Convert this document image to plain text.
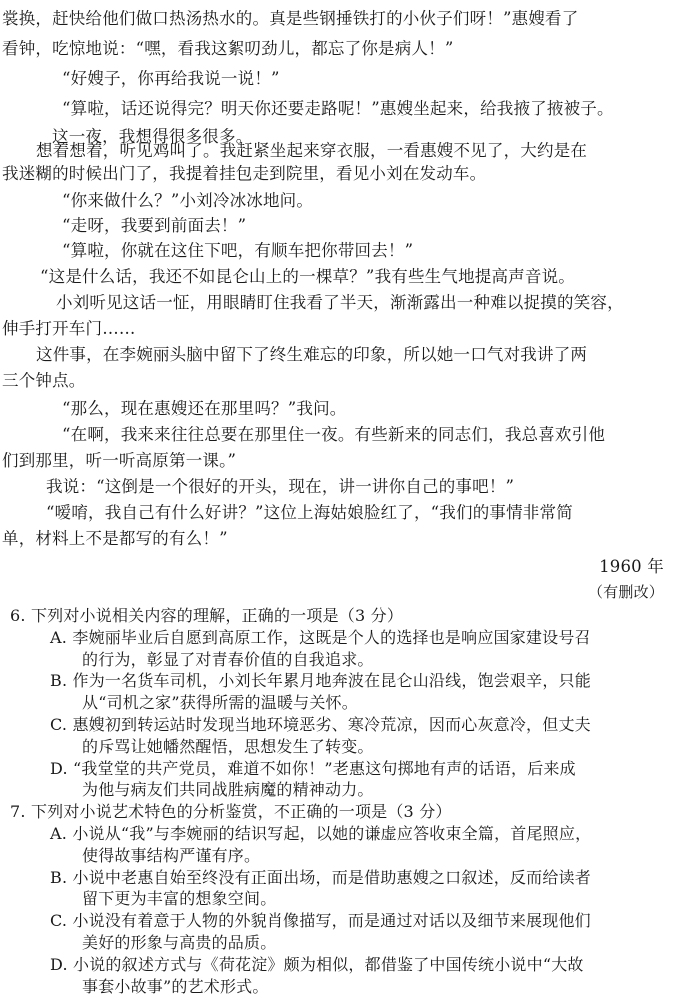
裳换，赶快给他们做口热汤热水的。真是些钢捶铁打的小伙子们呀！”惠嫂看了
看钟，吃惊地说：“嘿，看我这絮叨劲儿，都忘了你是病人！”
“好嫂子，你再给我说一说！”
“算啦，话还说得完？明天你还要走路呢！”惠嫂坐起来，给我掖了掖被子。
这一夜，我想得很多很多。
想着想着，听见鸡叫了。我赶紧坐起来穿衣服，一看惠嫂不见了，大约是在
我迷糊的时候出门了，我提着挂包走到院里，看见小刘在发动车。
“你来做什么？”小刘冷冰冰地问。
“走呀，我要到前面去！”
“算啦，你就在这住下吧，有顺车把你带回去！”
“这是什么话，我还不如昆仑山上的一棵草？”我有些生气地提高声音说。
小刘听见这话一怔，用眼睛盯住我看了半天，渐渐露出一种难以捉摸的笑容，
伸手打开车门……
这件事，在李婉丽头脑中留下了终生难忘的印象，所以她一口气对我讲了两
三个钟点。
“那么，现在惠嫂还在那里吗？”我问。
“在啊，我来来往往总要在那里住一夜。有些新来的同志们，我总喜欢引他
们到那里，听一听高原第一课。”
我说：“这倒是一个很好的开头，现在，讲一讲你自己的事吧！”
“嗳唷，我自己有什么好讲？”这位上海姑娘脸红了，“我们的事情非常简
单，材料上不是都写的有么！”
1960 年
（有删改）
6. 下列对小说相关内容的理解，正确的一项是（3 分）
A. 李婉丽毕业后自愿到高原工作，这既是个人的选择也是响应国家建设号召
的行为，彰显了对青春价值的自我追求。
B. 作为一名货车司机，小刘长年累月地奔波在昆仑山沿线，饱尝艰辛，只能
从“司机之家”获得所需的温暖与关怀。
C. 惠嫂初到转运站时发现当地环境恶劣、寒冷荒凉，因而心灰意冷，但丈夫
的斥骂让她幡然醒悟，思想发生了转变。
D. “我堂堂的共产党员，难道不如你！”老惠这句掷地有声的话语，后来成
为他与病友们共同战胜病魔的精神动力。
7. 下列对小说艺术特色的分析鉴赏，不正确的一项是（3 分）
A. 小说从“我”与李婉丽的结识写起，以她的谦虚应答收束全篇，首尾照应，
使得故事结构严谨有序。
B. 小说中老惠自始至终没有正面出场，而是借助惠嫂之口叙述，反而给读者
留下更为丰富的想象空间。
C. 小说没有着意于人物的外貌肖像描写，而是通过对话以及细节来展现他们
美好的形象与高贵的品质。
D. 小说的叙述方式与《荷花淀》颇为相似，都借鉴了中国传统小说中“大故
事套小故事”的艺术形式。
